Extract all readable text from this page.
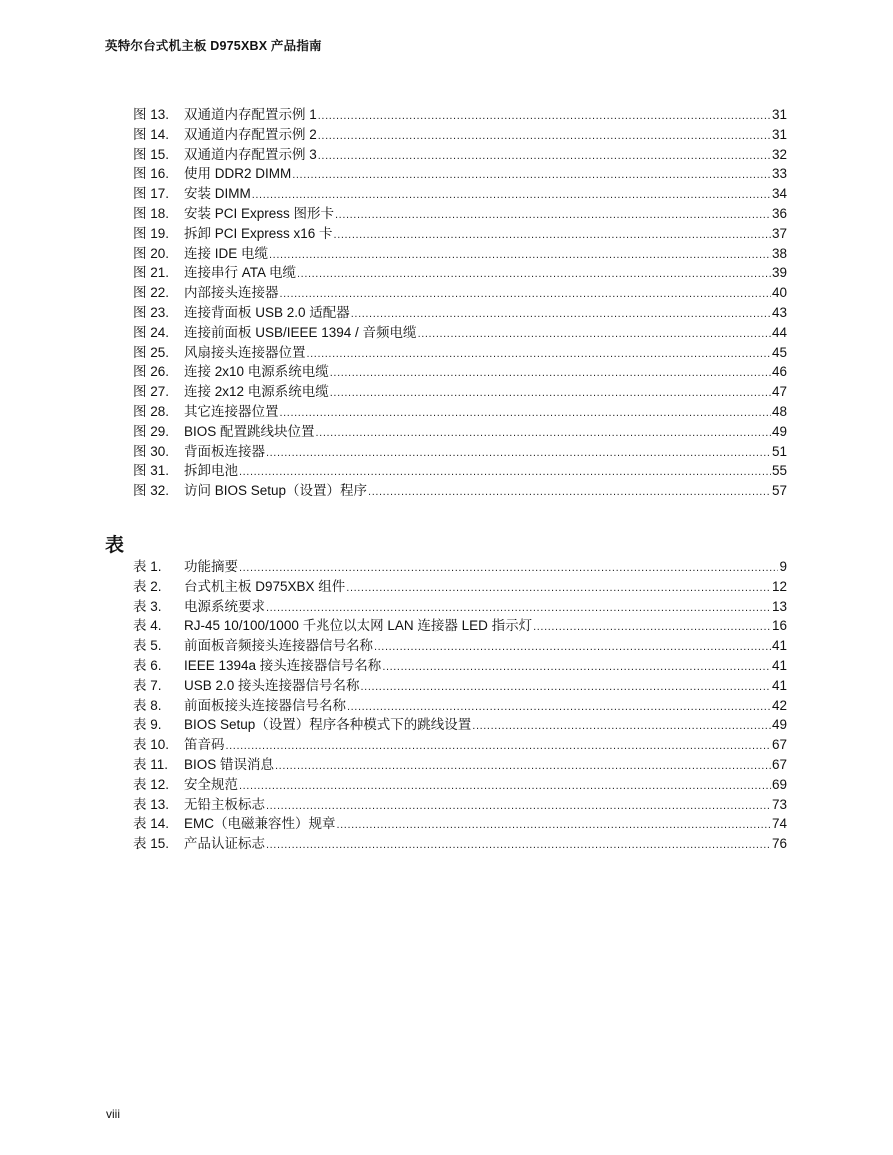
英特尔台式机主板 D975XBX 产品指南
图 13.	双通道内存配置示例 1 .....	31
图 14.	双通道内存配置示例 2 .....	31
图 15.	双通道内存配置示例 3 .....	32
图 16.	使用 DDR2 DIMM .....	33
图 17.	安装 DIMM .....	34
图 18.	安装 PCI Express 图形卡 .....	36
图 19.	拆卸 PCI Express x16 卡 .....	37
图 20.	连接 IDE 电缆 .....	38
图 21.	连接串行 ATA 电缆 .....	39
图 22.	内部接头连接器 .....	40
图 23.	连接背面板 USB 2.0 适配器 .....	43
图 24.	连接前面板 USB/IEEE 1394 / 音频电缆 .....	44
图 25.	风扇接头连接器位置 .....	45
图 26.	连接 2x10 电源系统电缆 .....	46
图 27.	连接 2x12 电源系统电缆 .....	47
图 28.	其它连接器位置 .....	48
图 29.	BIOS 配置跳线块位置 .....	49
图 30.	背面板连接器 .....	51
图 31.	拆卸电池 .....	55
图 32.	访问 BIOS Setup（设置）程序 .....	57
表
表 1.	功能摘要 .....	9
表 2.	台式机主板 D975XBX 组件 .....	12
表 3.	电源系统要求 .....	13
表 4.	RJ-45 10/100/1000 千兆位以太网 LAN 连接器 LED 指示灯 .....	16
表 5.	前面板音频接头连接器信号名称 .....	41
表 6.	IEEE 1394a 接头连接器信号名称 .....	41
表 7.	USB 2.0 接头连接器信号名称 .....	41
表 8.	前面板接头连接器信号名称 .....	42
表 9.	BIOS Setup（设置）程序各种模式下的跳线设置 .....	49
表 10.	笛音码 .....	67
表 11.	BIOS 错误消息 .....	67
表 12.	安全规范 .....	69
表 13.	无铅主板标志 .....	73
表 14.	EMC（电磁兼容性）规章 .....	74
表 15.	产品认证标志 .....	76
viii
